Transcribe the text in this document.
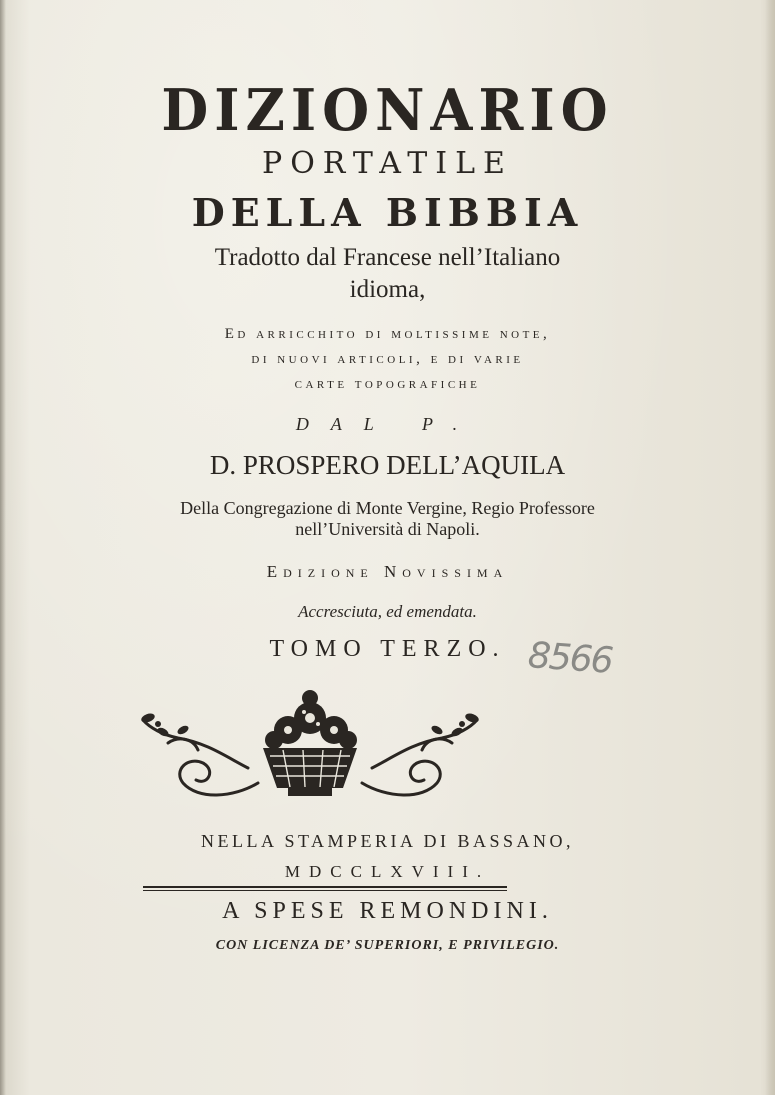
DIZIONARIO
PORTATILE
DELLA BIBBIA
Tradotto dal Francese nell’Italiano
idioma,
Ed arricchito di moltissime note,
di nuovi articoli, e di varie
carte topografiche
DAL P.
D. PROSPERO DELL’AQUILA
Della Congregazione di Monte Vergine, Regio Professore
nell’Università di Napoli.
Edizione Novissima
Accresciuta, ed emendata.
TOMO TERZO. 8566
NELLA STAMPERIA DI BASSANO,
MDCCLXVIII.
A SPESE REMONDINI.
CON LICENZA DE’ SUPERIORI, E PRIVILEGIO.
